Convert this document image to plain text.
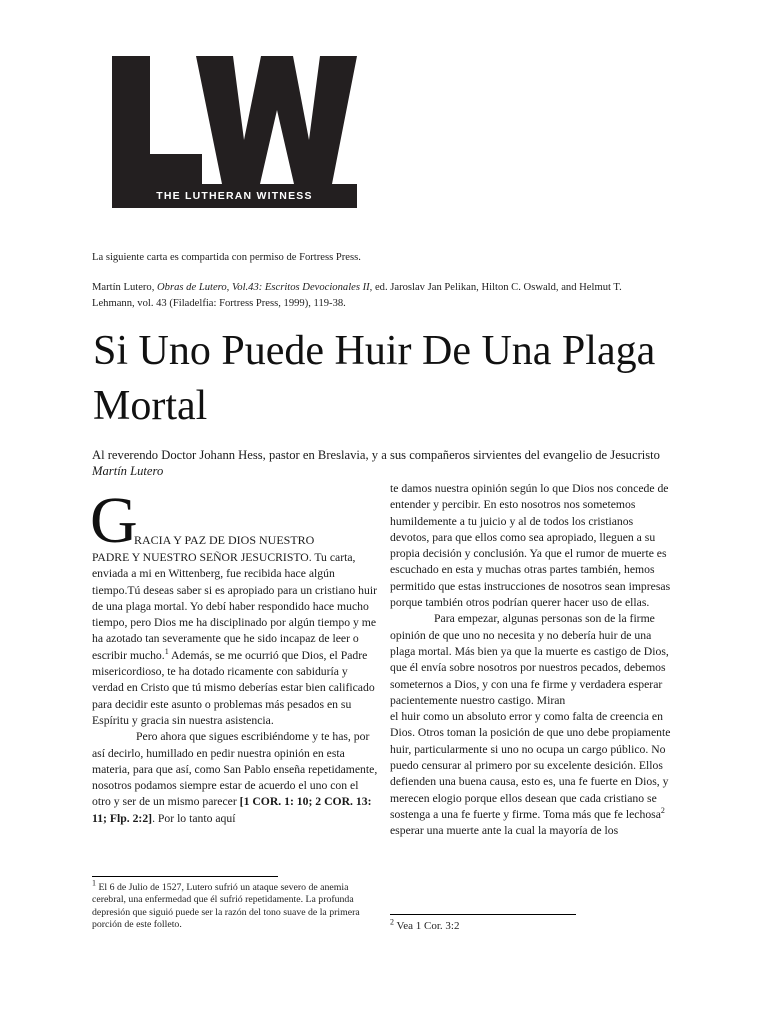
THE LUTHERAN WITNESS
La siguiente carta es compartida con permiso de Fortress Press.
Martín Lutero, Obras de Lutero, Vol.43: Escritos Devocionales II, ed. Jaroslav Jan Pelikan, Hilton C. Oswald, and Helmut T. Lehmann, vol. 43 (Filadelfia: Fortress Press, 1999), 119-38.
Si Uno Puede Huir De Una Plaga Mortal
Al reverendo Doctor Johann Hess, pastor en Breslavia, y a sus compañeros sirvientes del evangelio de Jesucristo
Martín Lutero
G
RACIA Y PAZ DE DIOS NUESTRO

PADRE Y NUESTRO SEÑOR JESUCRISTO. Tu carta, enviada a mi en Wittenberg, fue recibida hace algún tiempo.Tú deseas saber si es apropiado para un cristiano huir de una plaga mortal. Yo debí haber respondido hace mucho tiempo, pero Dios me ha disciplinado por algún tiempo y me ha azotado tan severamente que he sido incapaz de leer o escribir mucho.$^1$ Además, se me ocurrió que Dios, el Padre misericordioso, te ha dotado ricamente con sabiduría y verdad en Cristo que tú mismo deberías estar bien calificado para decidir este asunto o problemas más pesados en su Espíritu y gracia sin nuestra asistencia.

Pero ahora que sigues escribiéndome y te has, por así decirlo, humillado en pedir nuestra opinión en esta materia, para que así, como San Pablo enseña repetidamente, nosotros podamos siempre estar de acuerdo el uno con el otro y ser de un mismo parecer [1 COR. 1: 10; 2 COR. 13: 11; Flp. 2:2]. Por lo tanto aquí

te damos nuestra opinión según lo que Dios nos concede de entender y percibir. En esto nosotros nos sometemos humildemente a tu juicio y al de todos los cristianos devotos, para que ellos como sea apropiado, lleguen a su propia decisión y conclusión. Ya que el rumor de muerte es escuchado en esta y muchas otras partes también, hemos permitido que estas instrucciones de nosotros sean impresas porque también otros podrían querer hacer uso de ellas.

Para empezar, algunas personas son de la firme opinión de que uno no necesita y no debería huir de una plaga mortal. Más bien ya que la muerte es castigo de Dios, que él envía sobre nosotros por nuestros pecados, debemos someternos a Dios, y con una fe firme y verdadera esperar pacientemente nuestro castigo. Miran

el huir como un absoluto error y como falta de creencia en Dios. Otros toman la posición de que uno debe propiamente huir, particularmente si uno no ocupa un cargo público. No puedo censurar al primero por su excelente desición. Ellos defienden una buena causa, esto es, una fe fuerte en Dios, y merecen elogio porque ellos desean que cada cristiano se sostenga a una fe fuerte y firme. Toma más que fe lechosa$^2$ esperar una muerte ante la cual la mayoría de los

$^1$ El 6 de Julio de 1527, Lutero sufrió un ataque severo de anemia cerebral, una enfermedad que él sufrió repetidamente. La profunda depresión que siguió puede ser la razón del tono suave de la primera porción de este folleto.	$^2$ Vea 1 Cor. 3:2
